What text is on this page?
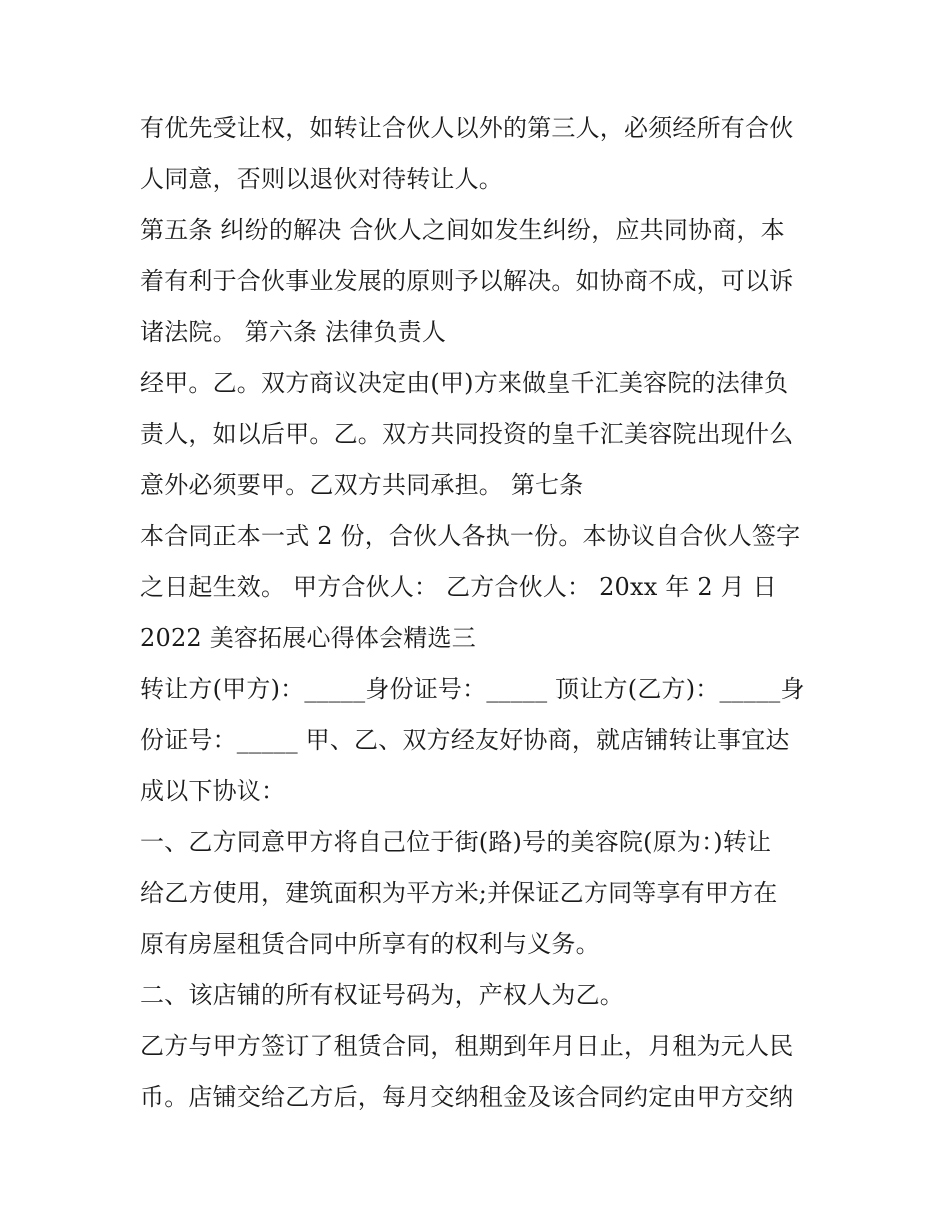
有优先受让权，如转让合伙人以外的第三人，必须经所有合伙
人同意，否则以退伙对待转让人。
第五条 纠纷的解决 合伙人之间如发生纠纷，应共同协商，本
着有利于合伙事业发展的原则予以解决。如协商不成，可以诉
诸法院。 第六条 法律负责人
经甲。乙。双方商议决定由(甲)方来做皇千汇美容院的法律负
责人，如以后甲。乙。双方共同投资的皇千汇美容院出现什么
意外必须要甲。乙双方共同承担。 第七条
本合同正本一式 2 份，合伙人各执一份。本协议自合伙人签字
之日起生效。 甲方合伙人： 乙方合伙人： 20xx 年 2 月 日
2022 美容拓展心得体会精选三
转让方(甲方)：_____身份证号：_____ 顶让方(乙方)：_____身
份证号：_____ 甲、乙、双方经友好协商，就店铺转让事宜达
成以下协议：
一、乙方同意甲方将自己位于街(路)号的美容院(原为：)转让
给乙方使用，建筑面积为平方米;并保证乙方同等享有甲方在
原有房屋租赁合同中所享有的权利与义务。
二、该店铺的所有权证号码为，产权人为乙。
乙方与甲方签订了租赁合同，租期到年月日止，月租为元人民
币。店铺交给乙方后，每月交纳租金及该合同约定由甲方交纳
